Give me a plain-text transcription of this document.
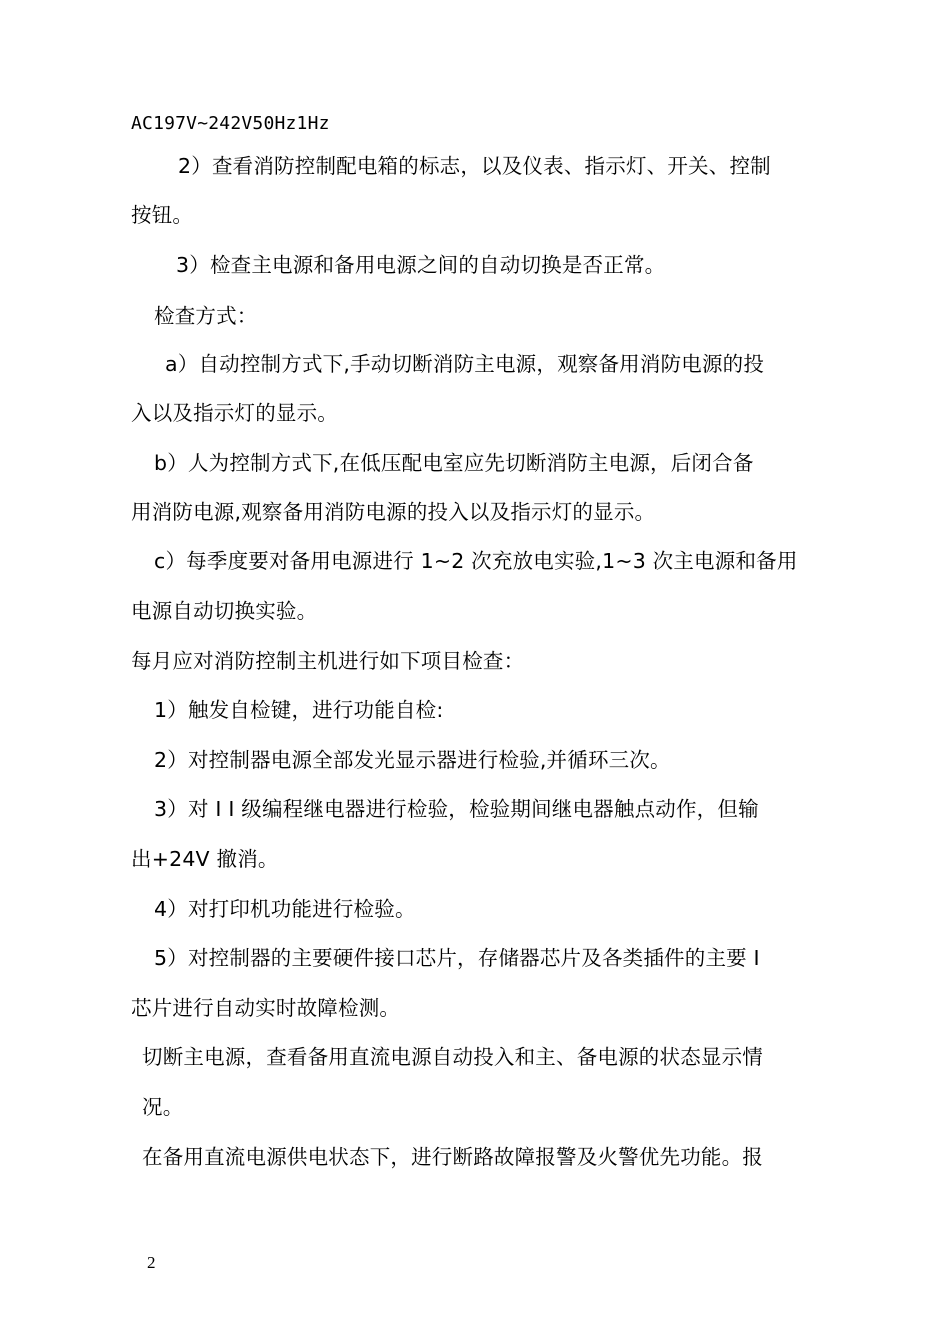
AC197V~242V50Hz1Hz
2）查看消防控制配电箱的标志，以及仪表、指示灯、开关、控制
按钮。
3）检查主电源和备用电源之间的自动切换是否正常。
检查方式：
a）自动控制方式下,手动切断消防主电源，观察备用消防电源的投
入以及指示灯的显示。
b）人为控制方式下,在低压配电室应先切断消防主电源，后闭合备
用消防电源,观察备用消防电源的投入以及指示灯的显示。
c）每季度要对备用电源进行 1~2 次充放电实验,1~3 次主电源和备用
电源自动切换实验。
每月应对消防控制主机进行如下项目检查：
1）触发自检键，进行功能自检:
2）对控制器电源全部发光显示器进行检验,并循环三次。
3）对 I I 级编程继电器进行检验，检验期间继电器触点动作，但输
出+24V 撤消。
4）对打印机功能进行检验。
5）对控制器的主要硬件接口芯片，存储器芯片及各类插件的主要 I
芯片进行自动实时故障检测。
切断主电源，查看备用直流电源自动投入和主、备电源的状态显示情
况。
在备用直流电源供电状态下，进行断路故障报警及火警优先功能。报
2
